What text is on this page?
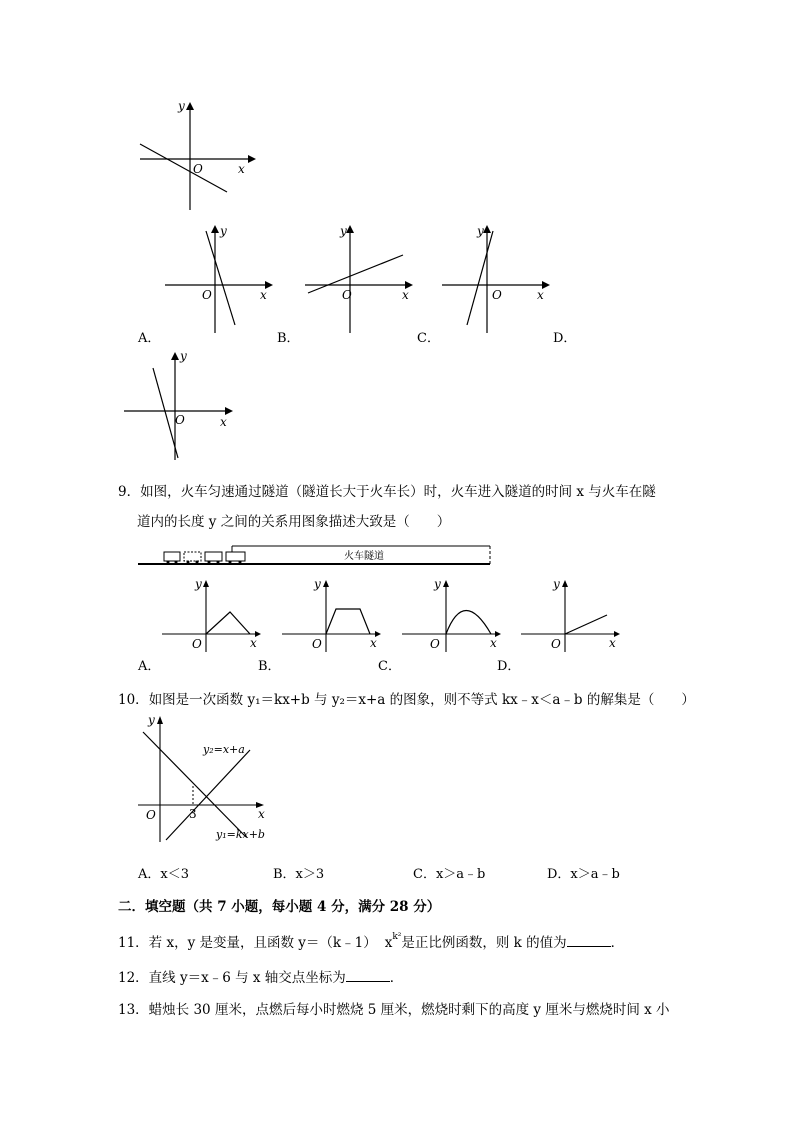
y
x
O
y
x
O
y
x
O
y
x
O
A．	B．	C．	D．
y
x
O
9．如图，火车匀速通过隧道（隧道长大于火车长）时，火车进入隧道的时间 x 与火车在隧
道内的长度 y 之间的关系用图象描述大致是（　　）
火车隧道
y
x
O
y
x
O
y
x
O
y
x
O
A．	B．	C．	D．
10．如图是一次函数 y₁＝kx+b 与 y₂＝x+a 的图象，则不等式 kx﹣x＜a﹣b 的解集是（　　）
y
x
O	3
y₂=x+a
y₁=kx+b
A．x＜3	B．x＞3	C．x＞a﹣b	D．x＞a﹣b
二．填空题（共 7 小题，每小题 4 分，满分 28 分）
11．若 x，y 是变量，且函数 y＝（k﹣1） $x^{k^2}$是正比例函数，则 k 的值为	．
12．直线 y＝x﹣6 与 x 轴交点坐标为	．
13．蜡烛长 30 厘米，点燃后每小时燃烧 5 厘米，燃烧时剩下的高度 y 厘米与燃烧时间 x 小
